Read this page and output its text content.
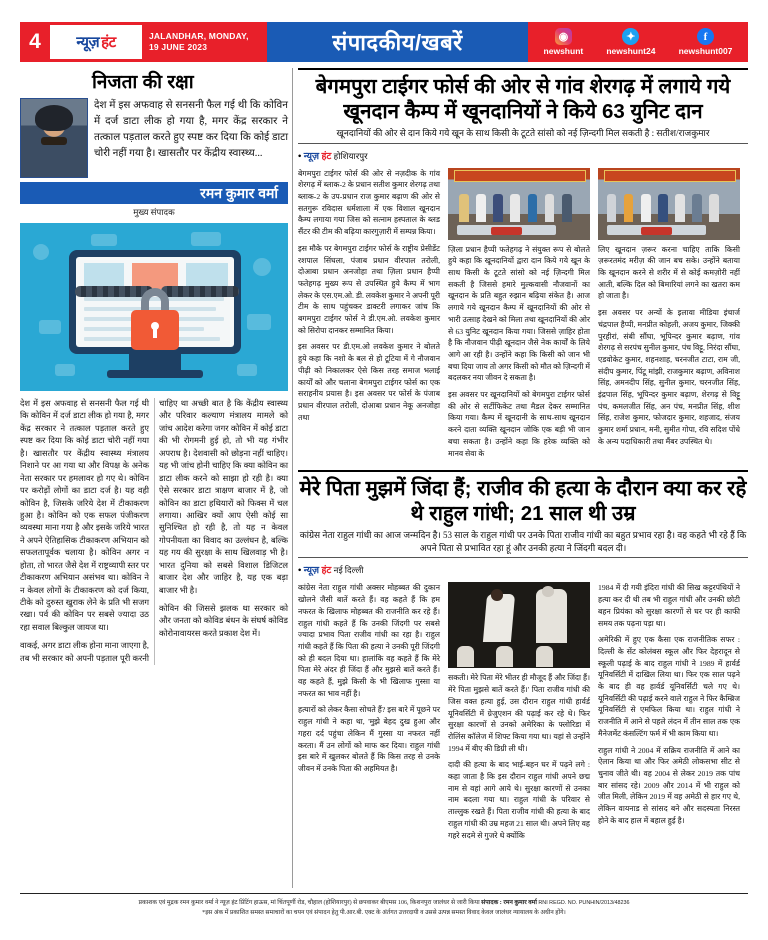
4	न्यूज़ हंट	JALANDHAR, MONDAY,
19 JUNE 2023	संपादकीय/खबरें	◉
newshunt
✦
newshunt24
f
newshunt007
निजता की रक्षा
देश में इस अफवाह से सनसनी फैल गई थी कि कोविन में दर्ज डाटा लीक हो गया है, मगर केंद्र सरकार ने तत्काल पड़ताल करते हुए स्पष्ट कर दिया कि कोई डाटा चोरी नहीं गया है। खासतौर पर केंद्रीय स्वास्थ्य...
रमन कुमार वर्मा
मुख्य संपादक

देश में इस अफवाह से सनसनी फैल गई थी कि कोविन में दर्ज डाटा लीक हो गया है, मगर केंद्र सरकार ने तत्काल पड़ताल करते हुए स्पष्ट कर दिया कि कोई डाटा चोरी नहीं गया है। खासतौर पर केंद्रीय स्वास्थ्य मंत्रालय निशाने पर आ गया था और विपक्ष के अनेक नेता सरकार पर हमलावर हो गए थे। कोविन पर करोड़ों लोगों का डाटा दर्ज है। यह वही कोविन है, जिसके जरिये देश में टीकाकरण हुआ है। कोविन को एक सफल पंजीकरण व्यवस्था माना गया है और इसके जरिये भारत ने अपने ऐतिहासिक टीकाकरण अभियान को सफलतापूर्वक चलाया है। कोविन अगर न होता, तो भारत जैसे देश में राष्ट्रव्यापी स्तर पर टीकाकरण अभियान असंभव था। कोविन ने न केवल लोगों के टीकाकरण को दर्ज किया, टीके को दुरुस्त खुराक लेने के प्रति भी सजग रखा। पर्व की कोविन पर सबसे ज्यादा उठ रहा सवाल बिल्कुल जायज था।

वाकई, अगर डाटा लीक होना माना जाएगा है, तब भी सरकार को अपनी पड़ताल पूरी करनी चाहिए था अच्छी बात है कि केंद्रीय स्वास्थ्य और परिवार कल्याण मंत्रालय मामले को जांच आदेश करेगा जगर कोविन में कोई डाटा की भी रोगमनी हुई हो, तो भी यह गंभीर अपराध है। देशवासी को छोड़ना नहीं चाहिए। यह भी जांच होनी चाहिए कि क्या कोविन का डाटा लीक करने को साझा हो रही है। क्या ऐसे सरकार डाटा त्राक्षण बाजार में है, जो कोविन का डाटा हथियारों को फिक्स में चल लगाया। आखिर क्यों आप ऐसी कोई सा सुनिश्चित हो रही है, तो यह न केवल गोपनीयता का विवाद का उल्लंघन है, बल्कि यह गय की सुरक्षा के साथ खिलवाड़ भी है। भारत दुनिया को सबसे विशाल डिजिटल बाजार देश और जाहिर है, यह एक बड़ा बाजार भी है।

कोविन की जिससे झलक था सरकार को और जनता को कोविड बंधन के संघर्ष कोविड कोरोनावायरस करते प्रकाश देश में।

बेगमपुरा टाईगर फोर्स की ओर से गांव शेरगढ़ में लगाये गये खूनदान कैम्प में खूनदानियों ने किये 63 युनिट दान
खूनदानियों की ओर से दान किये गये खून के साथ किसी के टूटते सांसो को नई ज़िन्दगी मिल सकती है : सतीश/राजकुमार
• न्यूज़ हंट होशियारपुर

बेगमपुरा टाईगर फोर्स की ओर से नज़दीक के गांव शेरगढ़ में ब्लाक-2 के प्रधान सतीश कुमार शेरगढ़ तथा ब्लाक-2 के उप-प्रधान राज कुमार बढ़ाण की ओर से सतगुरू रविदास धर्मशाला में एक विशाल खूनदान कैम्प लगाया गया जिस को सत्नाम हस्पताल के ब्लड सैंटर की टीम की बढ़िया कारगुज़ारी में सम्पन्न किया।

इस मौके पर बेगमपुरा टाईगर फोर्स के राष्ट्रीय प्रेसीडेंट रशपाल सिंघला, पंजाब प्रधान वीरपाल तरोली, दोआबा प्रधान अनजोहा तथा ज़िला प्रधान हैप्पी फतेहगढ़ मुख्य रूप से उपस्थित हुये कैम्प में भाग लेकर के एस.एम.ओ. डी. लवकेश कुमार ने अपनी पूरी टीम के साथ पहुंचकर डाक्टरी लगाकर जांच कि बगमपुरा टाईगर फोर्स ने डी.एम.ओ. लवकेश कुमार को सिरोपा दानकर सम्मानित किया।

इस अवसर पर डी.एम.ओ लवकेश कुमार ने बोलते हुये कहा कि नशो के बल से हो टूटिया में गे नौजवान पीढ़ी को निकालकर ऐसे किस तरह समाज भलाई कार्यों को और चलाना बेगमपुरा टाईगर फोर्स का एक सराहनीय प्रयास है। इस अवसर पर फोर्स के पंजाब प्रधान वीरपाल तरोली, दोआबा प्रधान नेकू अनजोहा तथा

ज़िला प्रधान हैप्पी फतेहगढ़ ने संयुक्त रूप से बोलते हुये कहा कि खूनदानियों द्वारा दान किये गये खून के साथ किसी के टूटते सांसो को नई ज़िन्दगी मिल सकती है जिससे हमारे मुल्कवासी नौजवानों का खूनदान के प्रति बहुत रुझान बढ़िया संकेत है। आज लगाये गये खूनदान कैम्प में खूनदानियों की ओर से भारी उत्साह देखने को मिला तथा खूनदानियों की ओर से 63 युनिट खूनदान किया गया। जिससे ज़ाहिर होता है कि नौजवान पीढ़ी खूनदान जैसे नेक कार्यों के लिये आगे आ रही है। उन्होंने कहा कि किसी को जान भी बचा दिया जाय तो अगर किसी को मौत को ज़िन्दगी में बदलकर नया जीवन दे सकता है।

इस अवसर पर खूनदानियों को बेगमपुरा टाईगर फोर्स की ओर से सर्टीफिकेट तथा मैडल देकर सम्मानित किया गया। कैम्प में खूनदानी के साथ-साथ खूनदान करने दाता व्यक्ति खूनदान जोकि एक बड़ी भी जान बचा सकता है। उन्होंने कहा कि हरेक व्यक्ति को मानव सेवा के

लिए खूनदान ज़रूर करना चाहिए ताकि किसी ज़रूरतमंद मरीज़ की जान बच सके। उन्होंने बताया कि खूनदान करने से शरीर में से कोई कमज़ोरी नहीं आती, बल्कि दिल को बिमारियां लगने का खतरा कम हो जाता है।

इस अवसर पर अन्यों के इलावा मीडिया इंचार्ज चंद्रपाल हैप्पी, मनप्रीत कोहली, अजय कुमार, जिक्की पुरहीरां, संबी सौंघा, भूपिन्दर कुमार बढ़ाण, गांव शेरगढ़ से सरपंच सुनील कुमार, पंच विट्टू, निरंदा सौंघा, एडवोकेट कुमार, शहनशाह, चरनजीत टाटा, राम जी, संदीप कुमार, पिंटू मांझी, राजकुमार बढ़ाण, अविनाश सिंह, अमनदीप सिंह, सुनील कुमार, चरनजीत सिंह, इंद्रपाल सिंह, भूपिन्दर कुमार बढ़ाण, शेरगढ़ से विट्टू पंच, कमलजीत सिंह, अन पंच, मनप्रीत सिंह, शीश सिंह, राजेश कुमार, फोजदार कुमार, शहजाद, संजय कुमार शर्मा प्रधान, मनी, सुमीत गोपा, रवि सदिश पोंधे के अन्य पदाधिकारी तथा मैंबर उपस्थित थे।

मेरे पिता मुझमें जिंदा हैं; राजीव की हत्या के दौरान क्या कर रहे थे राहुल गांधी; 21 साल थी उम्र
कांग्रेस नेता राहुल गांधी का आज जन्मदिन है। 53 साल के राहुल गांधी पर उनके पिता राजीव गांधी का बहुत प्रभाव रहा है। वह कहते भी रहे हैं कि अपने पिता से प्रभावित रहा हूं और उनकी हत्या ने जिंदगी बदल दी।
• न्यूज़ हंट नई दिल्ली

कांग्रेस नेता राहुल गांधी अक्सर मोहब्बत की दुकान खोलने जैसी बातें करते हैं। वह कहते हैं कि हम नफरत के खिलाफ मोहब्बत की राजनीति कर रहे हैं। राहुल गांधी कहते हैं कि उनकी जिंदगी पर सबसे ज्यादा प्रभाव पिता राजीव गांधी का रहा है। राहुल गांधी कहते हैं कि पिता की हत्या ने उनकी पूरी जिंदगी को ही बदल दिया था। हालांकि वह कहते हैं कि मेरे पिता मेरे अंदर ही जिंदा हैं और मुझसे बातें करते हैं। वह कहते हैं, मुझे किसी के भी खिलाफ गुस्सा या नफरत का भाव नहीं है।

हत्यारों को लेकर कैसा सोचते हैं? इस बारे में पूछने पर राहुल गांधी ने कहा था, 'मुझे बेहद दुख हुआ और गहरा दर्द पहुंचा लेकिन मैं गुस्सा या नफरत नहीं करता। मैं उन लोगों को माफ कर दिया। राहुल गांधी इस बारे में खुलकर बोलते हैं कि किस तरह से उनके जीवन में उनके पिता की अहमियत है।

सकती। मेरे पिता मेरे भीतर ही मौजूद हैं और जिंदा हैं। मेरे पिता मुझसे बातें करते हैं।' पिता राजीव गांधी की जिस वक्त हत्या हुई, उस दौरान राहुल गांधी हार्वर्ड यूनिवर्सिटी में ग्रेजुएशन की पढ़ाई कर रहे थे। फिर सुरक्षा कारणों से उनको अमेरिका के फ्लोरिडा में रोलिंस कॉलेज में शिफ्ट किया गया था। यहां से उन्होंने 1994 में बीए की डिग्री ली थी।

दादी की हत्या के बाद भाई-बहन घर में पढ़ने लगे : कहा जाता है कि इस दौरान राहुल गांधी अपने छद्म नाम से वहां आगे आये थे। सुरक्षा कारणों से उनका नाम बदला गया था। राहुल गांधी के परिवार से ताल्लुक रखते हैं। पिता राजीव गांधी की हत्या के बाद राहुल गांधी की उम्र महज 21 साल थी। अपने लिए वह गहरे सदमे से गुजरे थे क्योंकि

1984 में दी गयी इंदिरा गांधी की सिख कट्टरपंथियों ने हत्या कर दी थी तब भी राहुल गांधी और उनकी छोटी बहन प्रियंका को सुरक्षा कारणों से घर पर ही काफी समय तक पढ़ना पड़ा था।

अमेरिकी में हुए एक कैसा एक राजनीतिक सफर : दिल्ली के सेंट कोलंबस स्कूल और फिर देहरादून से स्कूली पढ़ाई के बाद राहुल गांधी ने 1989 में हार्वर्ड यूनिवर्सिटी में दाखिल लिया था। फिर एक साल पढ़ने के बाद ही वह हार्वर्ड यूनिवर्सिटी चले गए थे। यूनिवर्सिटी की पढ़ाई करने वाले राहुल ने फिर कैम्ब्रिज यूनिवर्सिटी से एमफिल किया था। राहुल गांधी ने राजनीति में आने से पहले लंदन में तीन साल तक एक मैनेजमेंट कंसल्टिंग फर्म में भी काम किया था।

राहुल गांधी ने 2004 में सक्रिय राजनीति में आने का ऐलान किया था और फिर अमेठी लोकसभा सीट से चुनाव जीते थी। वह 2004 से लेकर 2019 तक पांच बार सांसद रहे। 2009 और 2014 में भी राहुल को जीत मिली, लेकिन 2019 में वह अमेठी से हार गए थे, लेकिन वायनाड से सांसद बने और सदस्यता निरस्त होने के बाद हाल में बहाल हुई है।

प्रकाशक एवं मुद्रक रमन कुमार वर्मा ने न्यूज़ हंट प्रिंटिंग हाऊस, मां चिंतपूर्णी रोड, चौहाल (होशियारपुर) से छपवाकर बीएमस 106, किशनपुरा जालंधर से जारी किया संपादक : रमन कुमार वर्मा RNI REGD. NO. PUNHIN/2013/48236
*इस अंक में प्रकाशित समस्त समाचारों का चयन एवं संपादन हेतु पी.आर.बी. एक्ट के अंर्तगत उत्तरदायी व उससे उत्पन्न समस्त विवाद केवल जालंधर न्यायालय के अधीन होंगे।
